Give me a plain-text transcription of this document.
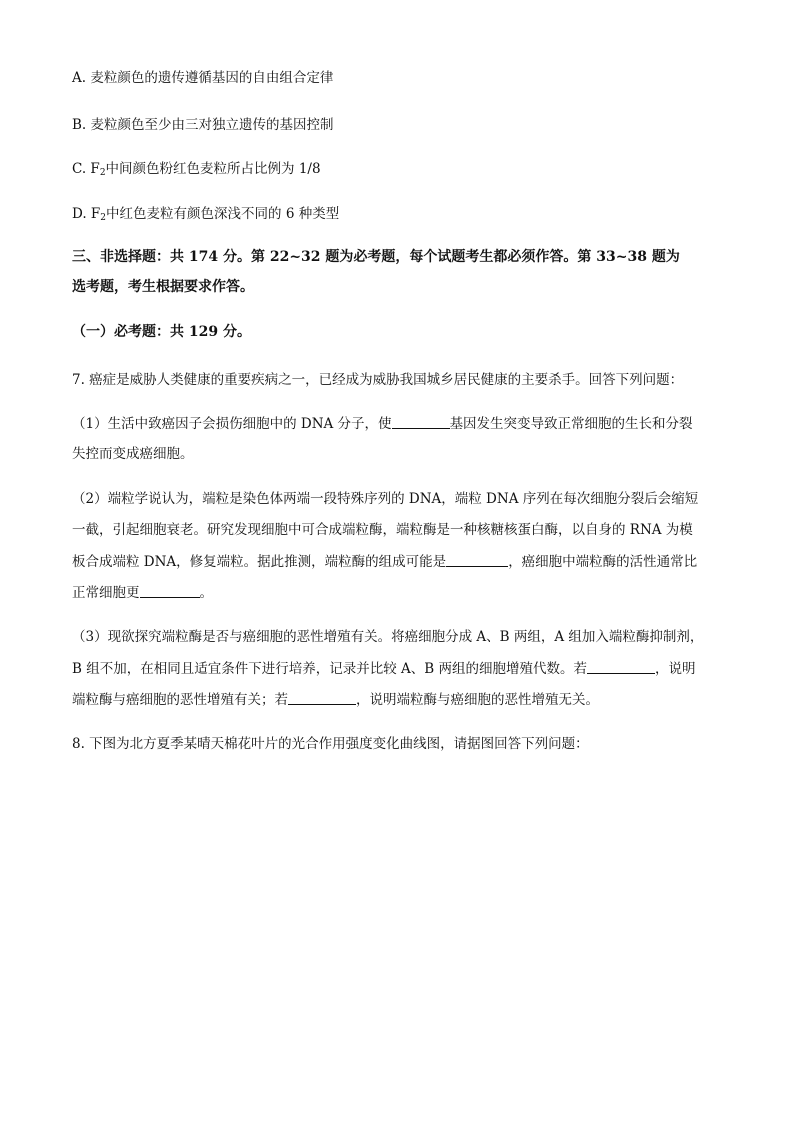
A. 麦粒颜色的遗传遵循基因的自由组合定律
B. 麦粒颜色至少由三对独立遗传的基因控制
C. $F_2$中间颜色粉红色麦粒所占比例为 1/8
D. $F_2$中红色麦粒有颜色深浅不同的 6 种类型
三、非选择题：共 174 分。第 22~32 题为必考题，每个试题考生都必须作答。第 33~38 题为
选考题，考生根据要求作答。
（一）必考题：共 129 分。
7. 癌症是威胁人类健康的重要疾病之一，已经成为威胁我国城乡居民健康的主要杀手。回答下列问题：
（1）生活中致癌因子会损伤细胞中的 DNA 分子，使	基因发生突变导致正常细胞的生长和分裂
失控而变成癌细胞。
（2）端粒学说认为，端粒是染色体两端一段特殊序列的 DNA，端粒 DNA 序列在每次细胞分裂后会缩短
一截，引起细胞衰老。研究发现细胞中可合成端粒酶，端粒酶是一种核糖核蛋白酶，以自身的 RNA 为模
板合成端粒 DNA，修复端粒。据此推测，端粒酶的组成可能是	，癌细胞中端粒酶的活性通常比
正常细胞更	。
（3）现欲探究端粒酶是否与癌细胞的恶性增殖有关。将癌细胞分成 A、B 两组，A 组加入端粒酶抑制剂，
B 组不加，在相同且适宜条件下进行培养，记录并比较 A、B 两组的细胞增殖代数。若	，说明
端粒酶与癌细胞的恶性增殖有关；若	，说明端粒酶与癌细胞的恶性增殖无关。
8. 下图为北方夏季某晴天棉花叶片的光合作用强度变化曲线图，请据图回答下列问题：
